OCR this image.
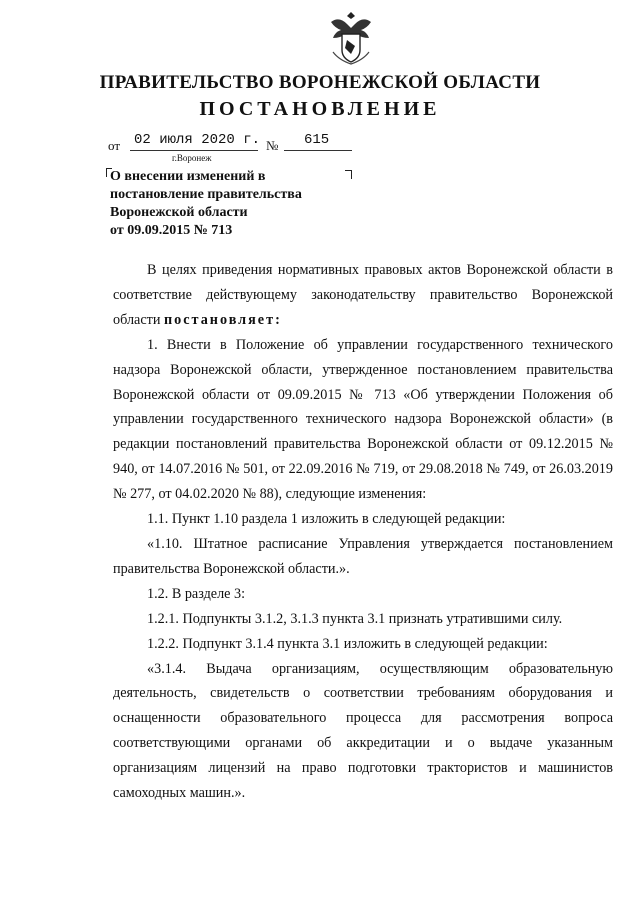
ПРАВИТЕЛЬСТВО ВОРОНЕЖСКОЙ ОБЛАСТИ
ПОСТАНОВЛЕНИЕ
от 02 июля 2020 г. № 615
г.Воронеж
О внесении изменений в
постановление правительства
Воронежской области
от 09.09.2015 № 713

В целях приведения нормативных правовых актов Воронежской области в соответствие действующему законодательству правительство Воронежской области постановляет:

1. Внести в Положение об управлении государственного технического надзора Воронежской области, утвержденное постановлением правительства Воронежской области от 09.09.2015 № 713 «Об утверждении Положения об управлении государственного технического надзора Воронежской области» (в редакции постановлений правительства Воронежской области от 09.12.2015 № 940, от 14.07.2016 № 501, от 22.09.2016 № 719, от 29.08.2018 № 749, от 26.03.2019 № 277, от 04.02.2020 № 88), следующие изменения:

1.1. Пункт 1.10 раздела 1 изложить в следующей редакции:

«1.10. Штатное расписание Управления утверждается постановлением правительства Воронежской области.».

1.2. В разделе 3:

1.2.1. Подпункты 3.1.2, 3.1.3 пункта 3.1 признать утратившими силу.

1.2.2. Подпункт 3.1.4 пункта 3.1 изложить в следующей редакции:

«3.1.4. Выдача организациям, осуществляющим образовательную деятельность, свидетельств о соответствии требованиям оборудования и оснащенности образовательного процесса для рассмотрения вопроса соответствующими органами об аккредитации и о выдаче указанным организациям лицензий на право подготовки трактористов и машинистов самоходных машин.».
